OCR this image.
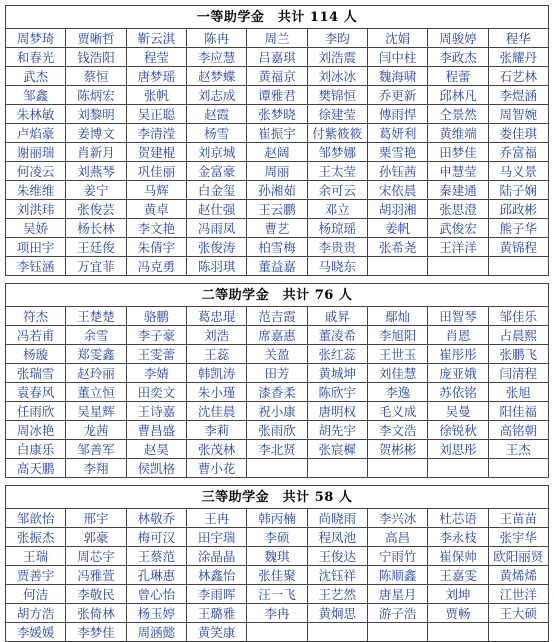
一等助学金　共计 114 人								
周梦琦	贾晰哲	靳云淇	陈冉	周兰	李昀	沈娟	周骏婷	程华
和春光	钱浩阳	程莹	李应慧	吕嘉琪	刘浩震	闫中柱	李政杰	张耀丹
武杰	蔡恒	唐梦瑶	赵梦蝶	黄福京	刘冰冰	魏海啸	程蕾	石艺林
邹鑫	陈炳宏	张帆	刘志成	谭雅君	樊锦恒	乔更新	邱林凡	李煜涵
朱林敏	刘黎明	吴正聪	赵霞	张梦晓	徐建莹	傅雨悍	仝景然	周智婉
卢焰豪	姜博文	李清滢	杨雪	崔振宇	付紫筱筱	葛妍利	黄维端	娄佳琪
谢丽瑞	肖新月	贺建棍	刘京城	赵阔	邹梦娜	栗雪艳	田梦佳	乔富福
何凌云	刘燕琴	巩佳丽	金富豪	周丽	王太莹	孙钰茜	申慧莹	马义景
朱维维	姜宁	马辉	白金玺	孙湘茹	余可云	宋依晨	秦建通	陆子娴
刘洪玮	张俊芸	黄卓	赵仕强	王云鹏	邓立	胡羽湘	张思澄	邱政彬
吴娇	杨长林	李文艳	冯雨凤	曹艺	杨琼瑶	姜帆	武俊宏	熊子华
项田宇	王廷俊	朱倩宇	张俊涛	柏雪梅	李贵贵	张希尧	王洋洋	黄锦程
李钰涵	万宜菲	冯克勇	陈羽琪	董益嘉	马晓东			
二等助学金　共计 76 人								
符杰	王楚楚	骆鹏	葛忠琨	范吉霞	戚昇	鄢灿	田智琴	邹佳乐
冯若甫	余雪	李子豪	刘浩	席嘉惠	董凌希	李旭阳	肖恩	占晨熙
杨璇	郑雯鑫	王雯蕾	王蕊	关盈	张红蕊	王世玉	崔彤彤	张鹏飞
张瑞雪	赵玲丽	李婧	韩凯涛	田芳	黄城坤	刘佳慧	庞亚娥	闫清程
袁春风	董立恒	田奕文	朱小瑾	漆香柔	陈欣宇	李逸	苏依铭	张旭
任雨欣	吴星辉	王诗嘉	沈佳晨	祝小康	唐明权	毛义成	吴曼	阳佳福
周冰艳	龙茜	曹昌盛	李莉	张雨欣	胡先宇	李文浩	徐锐秋	高铭朝
白康乐	邹善军	赵昊	张茂林	李北贤	张宸樨	贺彬彬	刘思彤	王杰
高天鹏	李翔	侯凯格	曹小花					
三等助学金　共计 58 人								
邹歆怡	邢宇	林敬乔	王冉	韩丙楠	尚晓雨	李兴冰	杜芯语	王苗苗
张振杰	郭豪	梅可汉	田宇瑞	李硕	程凤池	高昌	李永枝	张宇华
王瑞	周芯宇	王蔡范	涂晶晶	魏琪	王俊达	宁雨竹	崔保帅	欧阳丽贤
贾善宇	冯雅萱	孔琳惠	林鑫怡	张佳聚	沈钰祥	陈顺鑫	王嘉雯	黄烯烯
何洁	李敬民	曾心怡	李雨晖	汪一飞	王艺然	唐星月	刘坤	江世洋
胡方浩	张倚林	杨玉婷	王璐雅	李冉	黄炯思	游子浩	贾畅	王大硕
李媛媛	李梦佳	周涵懿	黄笑康					
